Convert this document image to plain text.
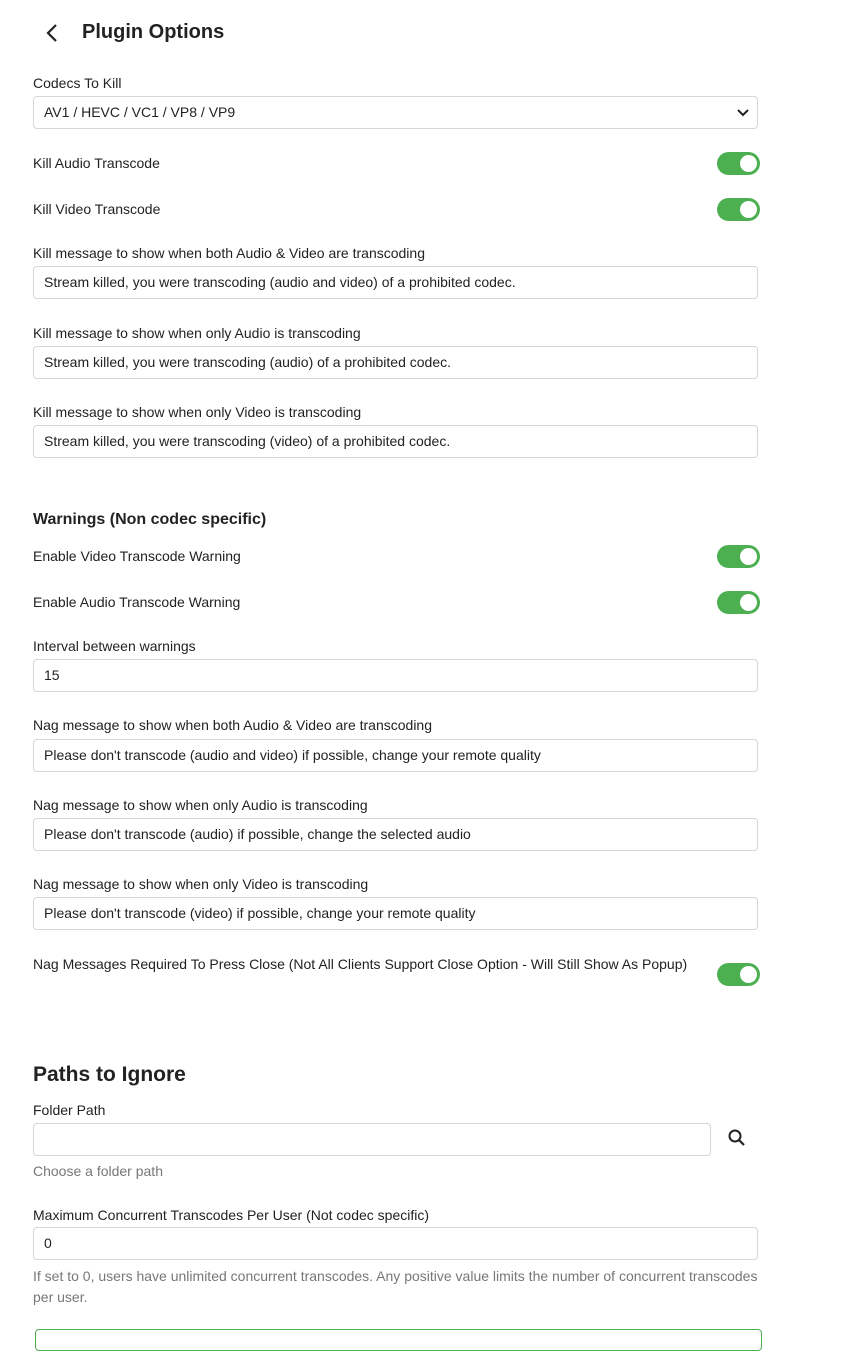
Plugin Options
Codecs To Kill
AV1 / HEVC / VC1 / VP8 / VP9
Kill Audio Transcode
Kill Video Transcode
Kill message to show when both Audio & Video are transcoding
Stream killed, you were transcoding (audio and video) of a prohibited codec.
Kill message to show when only Audio is transcoding
Stream killed, you were transcoding (audio) of a prohibited codec.
Kill message to show when only Video is transcoding
Stream killed, you were transcoding (video) of a prohibited codec.
Warnings (Non codec specific)
Enable Video Transcode Warning
Enable Audio Transcode Warning
Interval between warnings
15
Nag message to show when both Audio & Video are transcoding
Please don't transcode (audio and video) if possible, change your remote quality
Nag message to show when only Audio is transcoding
Please don't transcode (audio) if possible, change the selected audio
Nag message to show when only Video is transcoding
Please don't transcode (video) if possible, change your remote quality
Nag Messages Required To Press Close (Not All Clients Support Close Option - Will Still Show As Popup)
Paths to Ignore
Folder Path
Choose a folder path
Maximum Concurrent Transcodes Per User (Not codec specific)
0
If set to 0, users have unlimited concurrent transcodes. Any positive value limits the number of concurrent transcodes per user.
